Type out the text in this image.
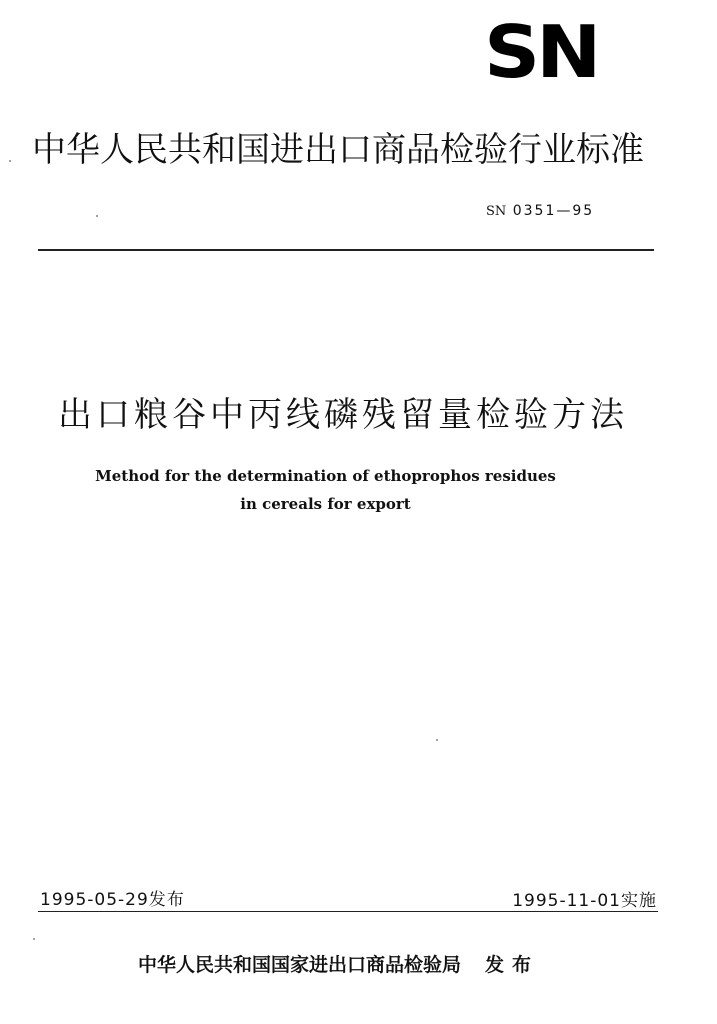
SN
中华人民共和国进出口商品检验行业标准
SN 0351—95
出口粮谷中丙线磷残留量检验方法
Method for the determination of ethoprophos residues
in cereals for export
1995-05-29发布	1995-11-01实施
中华人民共和国国家进出口商品检验局 发布
